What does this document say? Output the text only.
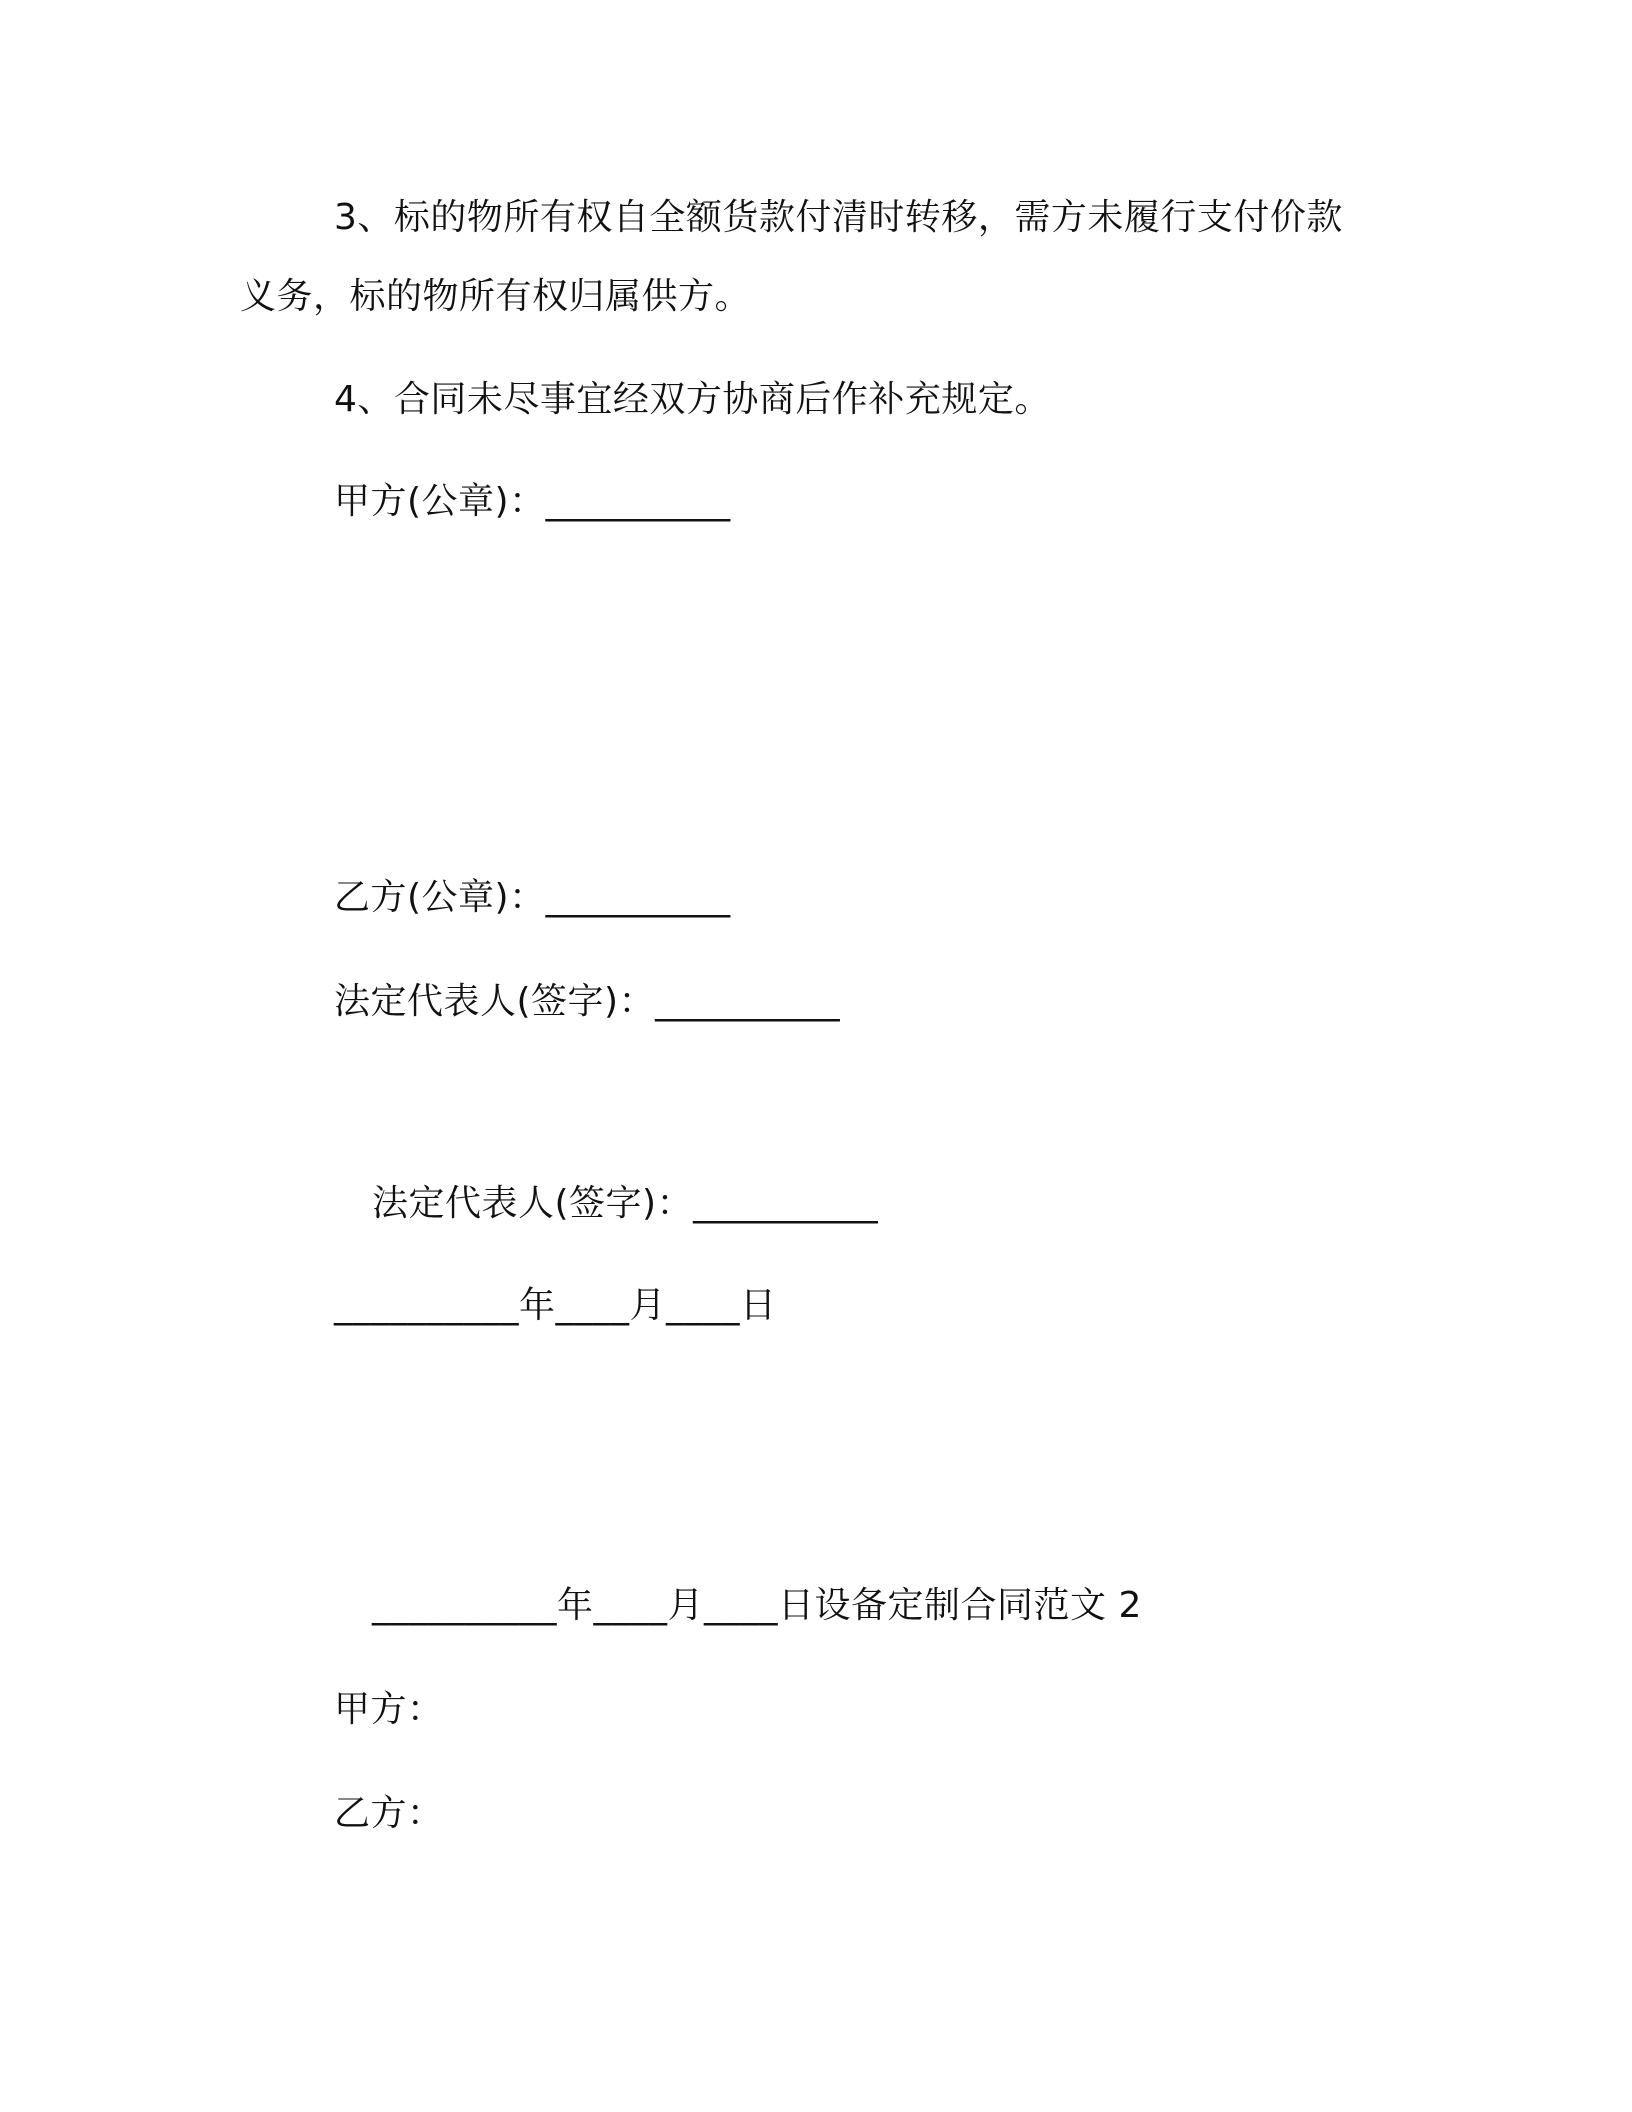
3、标的物所有权自全额货款付清时转移，需方未履行支付价款
义务，标的物所有权归属供方。
4、合同未尽事宜经双方协商后作补充规定。
甲方(公章)：__________
乙方(公章)：__________
法定代表人(签字)：__________
法定代表人(签字)：__________
__________年____月____日
__________年____月____日设备定制合同范文 2
甲方：
乙方：
